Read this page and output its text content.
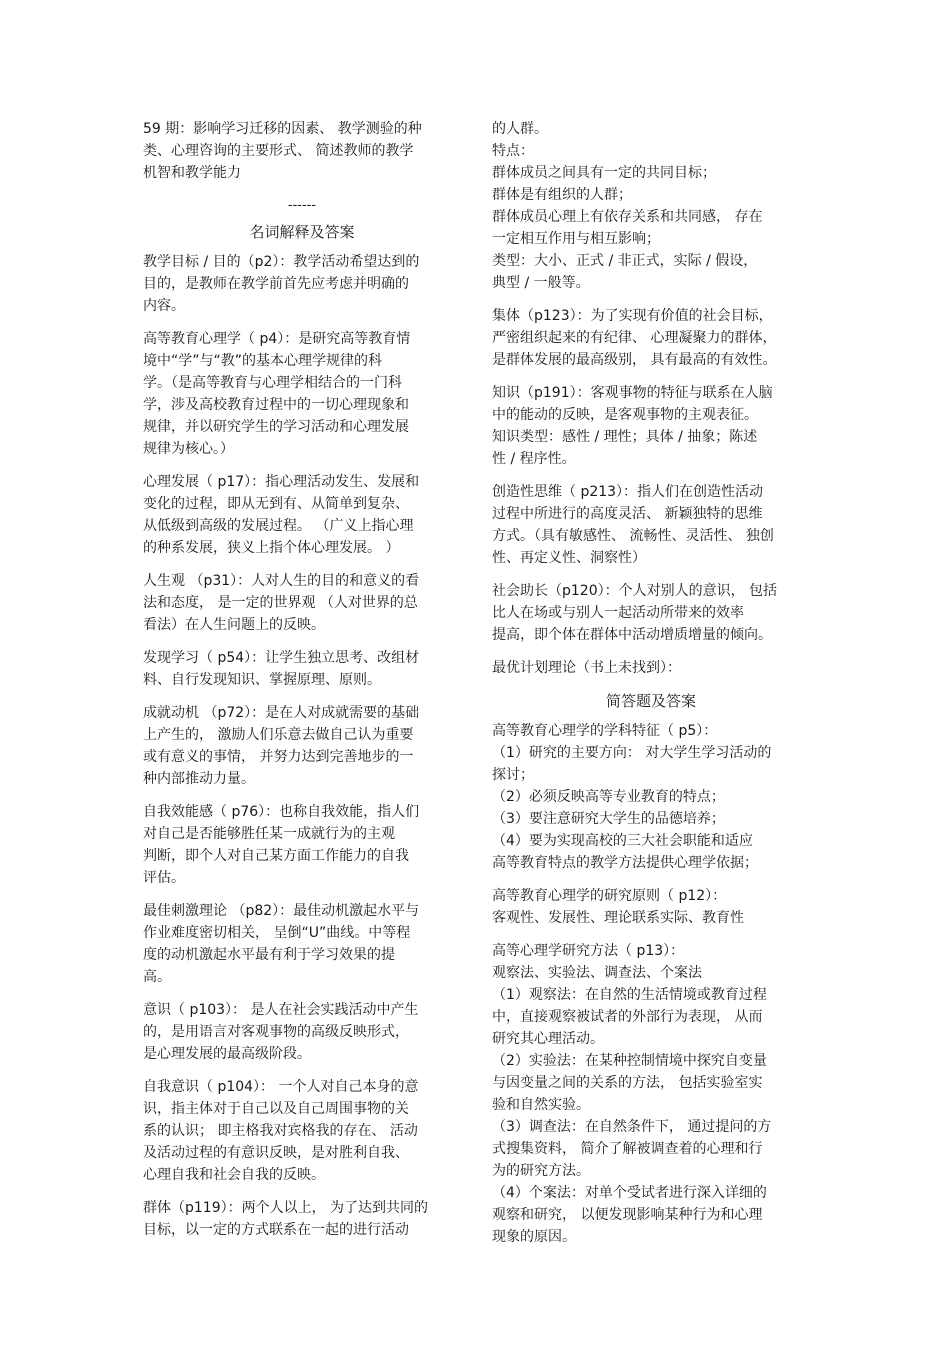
59 期：影响学习迁移的因素、 教学测验的种
类、心理咨询的主要形式、 简述教师的教学
机智和教学能力

------

名词解释及答案

教学目标 / 目的（p2）：教学活动希望达到的
目的，是教师在教学前首先应考虑并明确的
内容。

高等教育心理学（ p4）：是研究高等教育情
境中“学”与“教”的基本心理学规律的科
学。（是高等教育与心理学相结合的一门科
学，涉及高校教育过程中的一切心理现象和
规律，并以研究学生的学习活动和心理发展
规律为核心。）

心理发展（ p17）：指心理活动发生、发展和
变化的过程，即从无到有、从简单到复杂、
从低级到高级的发展过程。 （广义上指心理
的种系发展，狭义上指个体心理发展。 ）

人生观 （p31）：人对人生的目的和意义的看
法和态度， 是一定的世界观 （人对世界的总
看法）在人生问题上的反映。

发现学习（ p54）：让学生独立思考、改组材
料、自行发现知识、掌握原理、原则。

成就动机 （p72）：是在人对成就需要的基础
上产生的， 激励人们乐意去做自己认为重要
或有意义的事情， 并努力达到完善地步的一
种内部推动力量。

自我效能感（ p76）：也称自我效能，指人们
对自己是否能够胜任某一成就行为的主观
判断，即个人对自己某方面工作能力的自我
评估。

最佳刺激理论 （p82）：最佳动机激起水平与
作业难度密切相关， 呈倒“U”曲线。中等程
度的动机激起水平最有利于学习效果的提
高。

意识（ p103）： 是人在社会实践活动中产生
的，是用语言对客观事物的高级反映形式，
是心理发展的最高级阶段。

自我意识（ p104）： 一个人对自己本身的意
识，指主体对于自己以及自己周围事物的关
系的认识； 即主格我对宾格我的存在、 活动
及活动过程的有意识反映，是对胜利自我、
心理自我和社会自我的反映。

群体（p119）：两个人以上， 为了达到共同的
目标，以一定的方式联系在一起的进行活动

的人群。
特点：
群体成员之间具有一定的共同目标；
群体是有组织的人群；
群体成员心理上有依存关系和共同感， 存在
一定相互作用与相互影响；
类型：大小、正式 / 非正式，实际 / 假设，
典型 / 一般等。

集体（p123）：为了实现有价值的社会目标，
严密组织起来的有纪律、 心理凝聚力的群体，
是群体发展的最高级别， 具有最高的有效性。

知识（p191）：客观事物的特征与联系在人脑
中的能动的反映，是客观事物的主观表征。
知识类型：感性 / 理性；具体 / 抽象；陈述
性 / 程序性。

创造性思维（ p213）：指人们在创造性活动
过程中所进行的高度灵活、 新颖独特的思维
方式。（具有敏感性、 流畅性、灵活性、 独创
性、再定义性、洞察性）

社会助长（p120）：个人对别人的意识， 包括
比人在场或与别人一起活动所带来的效率
提高，即个体在群体中活动增质增量的倾向。

最优计划理论（书上未找到）：

简答题及答案

高等教育心理学的学科特征（ p5）：
（1）研究的主要方向： 对大学生学习活动的
探讨；
（2）必须反映高等专业教育的特点；
（3）要注意研究大学生的品德培养；
（4）要为实现高校的三大社会职能和适应
高等教育特点的教学方法提供心理学依据；

高等教育心理学的研究原则（ p12）：
客观性、发展性、理论联系实际、教育性

高等心理学研究方法（ p13）：
观察法、实验法、调查法、个案法
（1）观察法：在自然的生活情境或教育过程
中，直接观察被试者的外部行为表现， 从而
研究其心理活动。
（2）实验法：在某种控制情境中探究自变量
与因变量之间的关系的方法， 包括实验室实
验和自然实验。
（3）调查法：在自然条件下， 通过提问的方
式搜集资料， 简介了解被调查着的心理和行
为的研究方法。
（4）个案法：对单个受试者进行深入详细的
观察和研究， 以便发现影响某种行为和心理
现象的原因。
